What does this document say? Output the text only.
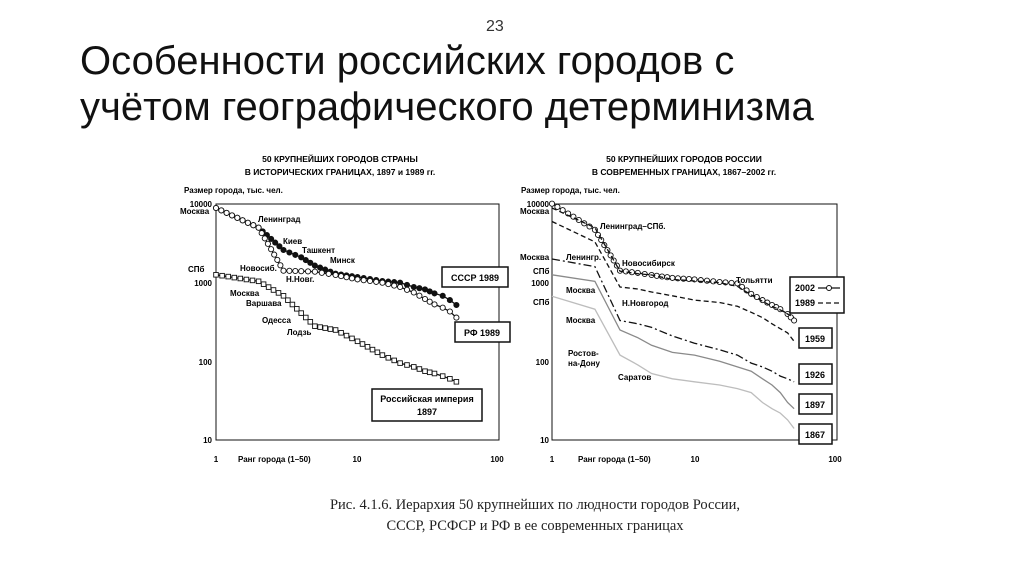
23
Особенности российских городов с
учётом географического детерминизма
50 КРУПНЕЙШИХ ГОРОДОВ СТРАНЫ
В ИСТОРИЧЕСКИХ ГРАНИЦАХ, 1897 и 1989 гг.
Размер города, тыс. чел.
10000
1000
100
10
1	10	100
Ранг города (1–50)
Москва
Ленинград
Киев
Ташкент
Минск
Новосиб.
Н.Новг.
СПб
Москва
Варшава
Одесса
Лодзь
СССР 1989
РФ 1989
Российская империя
1897
50 КРУПНЕЙШИХ ГОРОДОВ РОССИИ
В СОВРЕМЕННЫХ ГРАНИЦАХ, 1867–2002 гг.
Размер города, тыс. чел.
10000
1000
100
10
1	10	100
Ранг города (1–50)
Москва
Ленинград–СПб.
Москва Ленингр.
Новосибирск
Тольятти
СПб
Москва
Н.Новгород
СПб
Москва
Ростов-
на-Дону
Саратов
2002
1989
1959
1926
1897
1867
Рис. 4.1.6. Иерархия 50 крупнейших по людности городов России,
СССР, РСФСР и РФ в ее современных границах
